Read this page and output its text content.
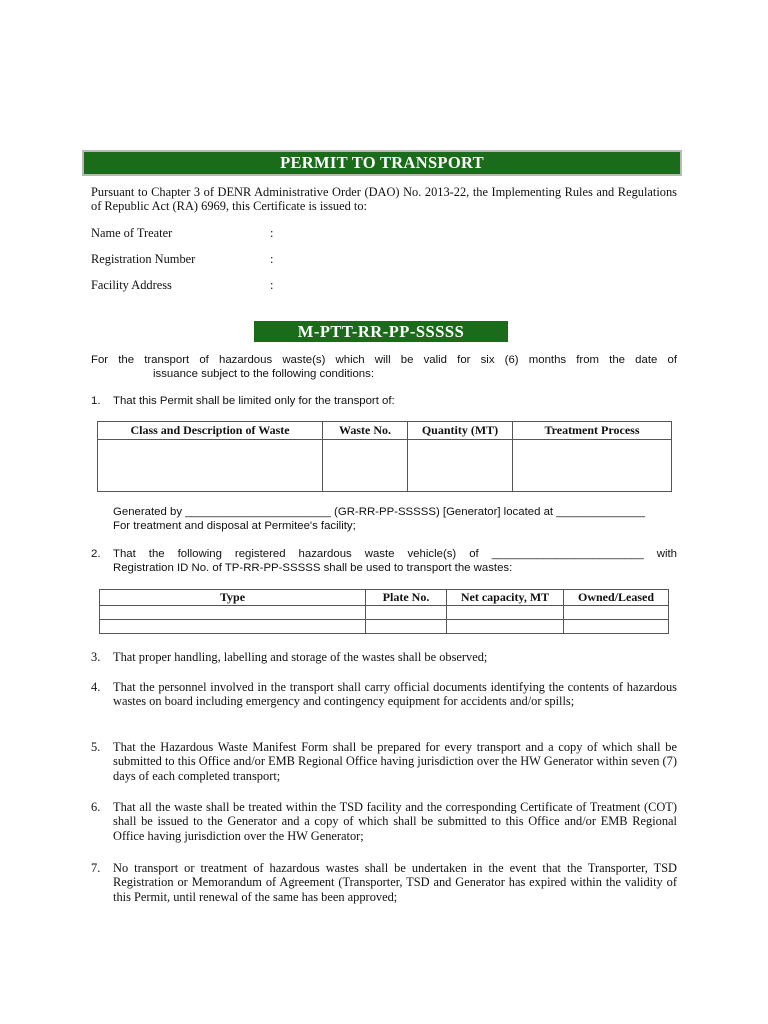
PERMIT TO TRANSPORT
Pursuant to Chapter 3 of DENR Administrative Order (DAO) No. 2013-22, the Implementing Rules and Regulations of Republic Act (RA) 6969, this Certificate is issued to:
Name of Treater	:
Registration Number	:
Facility Address	:
M-PTT-RR-PP-SSSSS
For the transport of hazardous waste(s) which will be valid for six (6) months from the date of
issuance subject to the following conditions:
1. That this Permit shall be limited only for the transport of:
Class and Description of Waste	Waste No.	Quantity (MT)	Treatment Process

Generated by _______________________ (GR-RR-PP-SSSSS) [Generator] located at ______________
For treatment and disposal at Permitee's facility;
2. That  the  following  registered  hazardous  waste  vehicle(s)  of  ________________________  with
Registration ID No. of TP-RR-PP-SSSSS shall be used to transport the wastes:
Type	Plate No.	Net capacity, MT	Owned/Leased

3. That proper handling, labelling and storage of the wastes shall be observed;
4. That the personnel involved in the transport shall carry official documents identifying the contents of hazardous wastes on board including emergency and contingency equipment for accidents and/or spills;
5. That the Hazardous Waste Manifest Form shall be prepared for every transport and a copy of which shall be submitted to this Office and/or EMB Regional Office having jurisdiction over the HW Generator within seven (7) days of each completed transport;
6. That all the waste shall be treated within the TSD facility and the corresponding Certificate of Treatment (COT) shall be issued to the Generator and a copy of which shall be submitted to this Office and/or EMB Regional Office having jurisdiction over the HW Generator;
7. No transport or treatment of hazardous wastes shall be undertaken in the event that the Transporter, TSD Registration or Memorandum of Agreement (Transporter, TSD and Generator has expired within the validity of this Permit, until renewal of the same has been approved;
